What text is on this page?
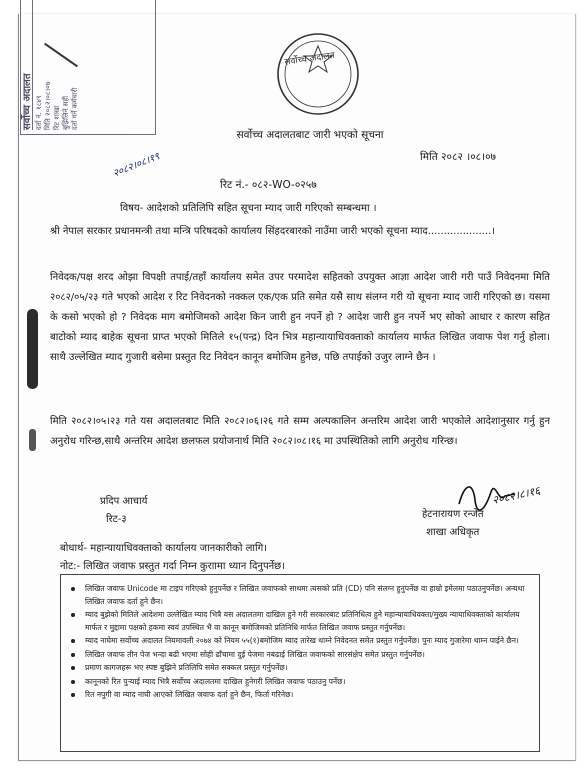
सर्वोच्च अदालत दर्ता नं. १८४९ मिति २०८२।०८।०७ रिट शाखा बुझिलिने सही दर्ता गर्ने कर्मचारी
सर्वोच्च अदालत
२०८२।०८।१९
सर्वोच्च अदालतबाट जारी भएको सूचना
मिति २०८२ ।०८।०७
रिट नं.- ०८२-WO-०२५७
विषय- आदेशको प्रतिलिपि सहित सूचना म्याद जारी गरिएको सम्बन्धमा ।
श्री नेपाल सरकार प्रधानमन्त्री तथा मन्त्रि परिषदको कार्यालय सिंहदरबारको नाउँमा जारी भएको सूचना म्याद....................।

निवेदक/पक्ष शरद ओझा विपक्षी तपाई/तहाँ कार्यालय समेत उपर परमादेश सहितको उपयुक्त आज्ञा आदेश जारी गरी पाउँ निवेदनमा मिति २०८२/०५/२३ गते भएको आदेश र रिट निवेदनको नक्कल एक/एक प्रति समेत यसै साथ संलग्न गरी यो सूचना म्याद जारी गरिएको छ। यसमा के कसो भएको हो ? निवेदक माग बमोजिमको आदेश किन जारी हुन नपर्ने हो ? आदेश जारी हुन नपर्ने भए सोको आधार र कारण सहित बाटोको म्याद बाहेक सूचना प्राप्त भएको मितिले १५(पन्द्र) दिन भित्र महान्यायाधिवक्ताको कार्यालय मार्फत लिखित जवाफ पेश गर्नु होला। साथै उल्लेखित म्याद गुजारी बसेमा प्रस्तुत रिट निवेदन कानून बमोजिम हुनेछ, पछि तपाईको उजुर लाग्ने छैन ।

मिति २०८२।०५।२३ गते यस अदालतबाट मिति २०८२।०६।२६ गते सम्म अल्पकालिन अन्तरिम आदेश जारी भएकोले आदेशानुसार गर्नु हुन अनुरोध गरिन्छ,साथै अन्तरिम आदेश छलफल प्रयोजनार्थ मिति २०८२।०८।१६ मा उपस्थितिको लागि अनुरोध गरिन्छ।

प्रदिप आचार्य
रिट-३
२०८२।८।१६
हेटनारायण रन्जेत
शाखा अधिकृत
बोधार्थ- महान्यायाधिवक्ताको कार्यालय जानकारीको लागि।
नोट:- लिखित जवाफ प्रस्तुत गर्दा निम्न कुराामा ध्यान दिनुपर्नेछ।
लिखित जवाफ Unicode मा टाइप गरिएको हुनुपर्नेछ र लिखित जवाफको साथमा त्यसको प्रति (CD) पनि संलग्न हुनुपर्नेछ वा हाम्रो इमेलमा पठाउनुपर्नेछ। अन्यथा लिखित जवाफ दर्ता हुने छैन।
म्याद बुझेको मितिले आदेशमा उल्लेखित म्याद भित्रै यस अदालतमा दाखिल हुने गरी सरकारबाट प्रतिनिधित्व हुने महान्यायाधिवक्ता/मुख्य न्यायाधिवक्ताको कार्यालय मार्फत र मुद्दामा पक्षको हकमा स्वयं उपस्थित भै वा कानून बमोजिमको प्रतिनिधि मार्फत लिखित जवाफ प्रस्तुत गर्नुपर्नेछ।
म्याद नाघेमा सर्वोच्च अदालत नियमावली २०७४ को नियम ५५(१)बमोजिम म्याद तारेख थाम्ने निवेदनत समेत प्रस्तुत गर्नुपर्नेछ। पुनः म्याद गुजारेमा थाम्न पाईने छैन।
लिखित जवाफ तीन पेज भन्दा बढी भएमा सोही ढाँचामा दुई पेजमा नबढाई लिखित जवाफको सारसंक्षेप समेत प्रस्तुत गर्नुपर्नेछ।
प्रमाण कागजहरू भए स्पष्ट बुझिने प्रतिलिपि समेत सक्कल प्रस्तुत गर्नुपर्नेछ।
कानूनको रित पुऱ्याई म्याद भित्रै सर्वोच्च अदालतमा दाखिल हुनेगरी लिखित जवाफ पठाउनु पर्नेछ।
रित नपुगी वा म्याद नाघी आएको लिखित जवाफ दर्ता हुने छैन, फिर्ता गरिनेछ।
